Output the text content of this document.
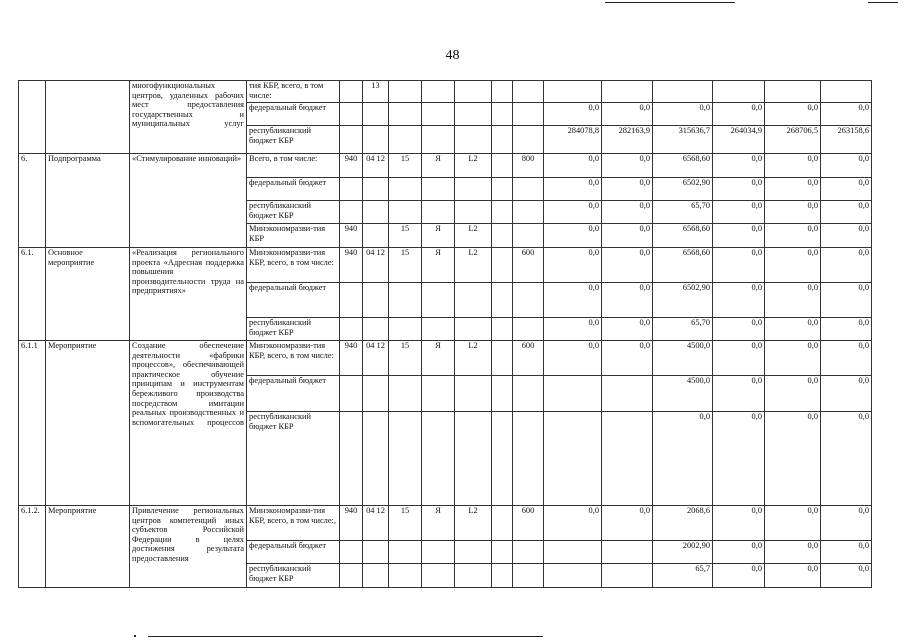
48
		многофункциональных центров, удаленных рабочих мест предоставления государственных и муниципальных услуг	тия КБР, всего, в том числе:		13											
			федеральный бюджет								0,0	0,0	0,0	0,0	0,0	0,0
			республиканский бюджет КБР								284078,8	282163,9	315636,7	264034,9	268706,5	263158,6
6.	Подпрограмма	«Стимулирование инноваций»	Всего, в том числе:	940	04 12	15	Я	L2		800	0,0	0,0	6568,60	0,0	0,0	0,0
			федеральный бюджет								0,0	0,0	6502,90	0,0	0,0	0,0
			республиканский бюджет КБР								0,0	0,0	65,70	0,0	0,0	0,0
			Минэкономразви-тия КБР	940		15	Я	L2			0,0	0,0	6568,60	0,0	0,0	0,0
6.1.	Основное мероприятие	«Реализация регионального проекта «Адресная поддержка повышения производительности труда на предприятиях»	Минэкономразви-тия КБР, всего, в том числе:	940	04 12	15	Я	L2		600	0,0	0,0	6568,60	0,0	0,0	0,0
			федеральный бюджет								0,0	0,0	6502,90	0,0	0,0	0,0
			республиканский бюджет КБР								0,0	0,0	65,70	0,0	0,0	0,0
6.1.1	Мероприятие	Создание обеспечение деятельности «фабрики процессов», обеспечивающей практическое обучение принципам и инструментам бережливого производства посредством имитации реальных производственных и вспомогательных процессов	Минэкономразви-тия КБР, всего, в том числе:	940	04 12	15	Я	L2		600	0,0	0,0	4500,0	0,0	0,0	0,0
			федеральный бюджет										4500,0	0,0	0,0	0,0
			республиканский бюджет КБР										0,0	0,0	0,0	0,0
6.1.2.	Мероприятие	Привлечение региональных центров компетенций иных субъектов Российской Федерации в целях достижения результата предоставления	Минэкономразви-тия КБР, всего, в том числе:,	940	04 12	15	Я	L2		600	0,0	0,0	2068,6	0,0	0,0	0,0
			федеральный бюджет										2002,90	0,0	0,0	0,0
			республиканский бюджет КБР										65,7	0,0	0,0	0,0
